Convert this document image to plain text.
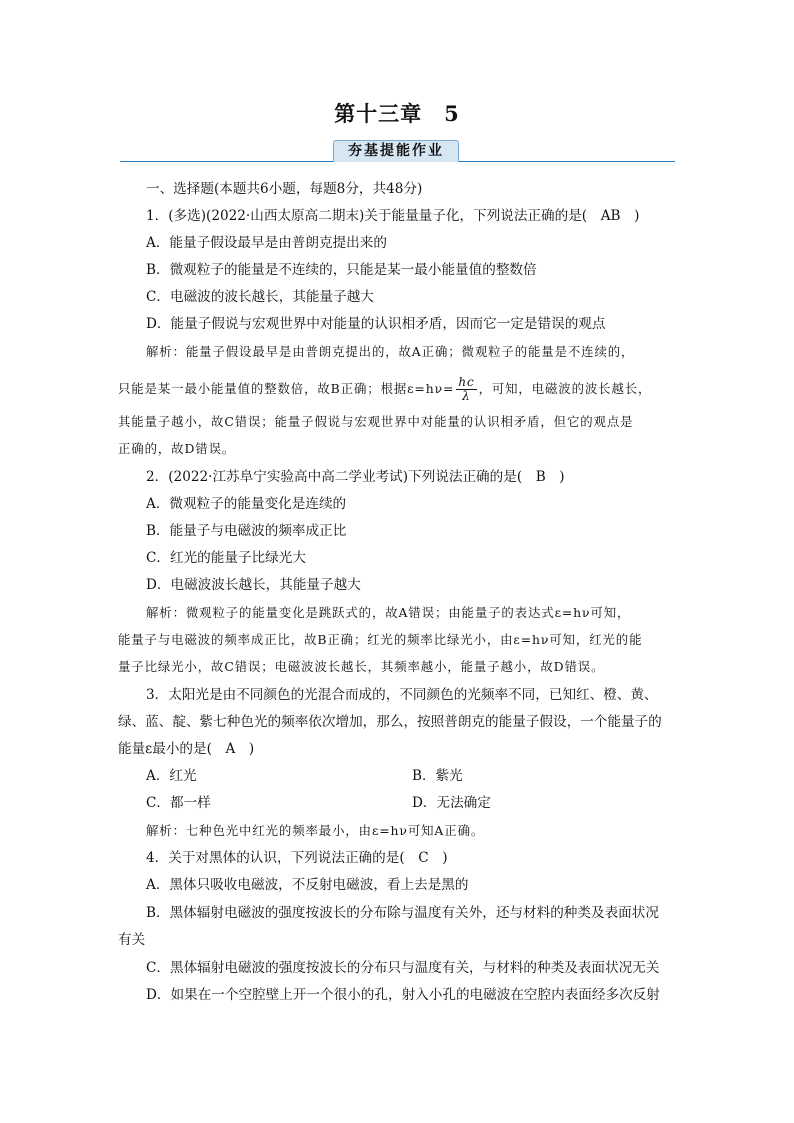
第十三章　5
夯基提能作业
一、选择题(本题共6小题，每题8分，共48分)
1．(多选)(2022·山西太原高二期末)关于能量量子化，下列说法正确的是(　AB　)
A．能量子假设最早是由普朗克提出来的
B．微观粒子的能量是不连续的，只能是某一最小能量值的整数倍
C．电磁波的波长越长，其能量子越大
D．能量子假说与宏观世界中对能量的认识相矛盾，因而它一定是错误的观点
解析：能量子假设最早是由普朗克提出的，故A正确；微观粒子的能量是不连续的，
只能是某一最小能量值的整数倍，故B正确；根据$\varepsilon=h\nu= \frac{hc}{\lambda}$ ，可知，电磁波的波长越长，
其能量子越小，故C错误；能量子假说与宏观世界中对能量的认识相矛盾，但它的观点是
正确的，故D错误。
2．(2022·江苏阜宁实验高中高二学业考试)下列说法正确的是(　B　)
A．微观粒子的能量变化是连续的
B．能量子与电磁波的频率成正比
C．红光的能量子比绿光大
D．电磁波波长越长，其能量子越大
解析：微观粒子的能量变化是跳跃式的，故A错误；由能量子的表达式ε=hν可知，
能量子与电磁波的频率成正比，故B正确；红光的频率比绿光小，由ε=hν可知，红光的能
量子比绿光小，故C错误；电磁波波长越长，其频率越小，能量子越小，故D错误。
3．太阳光是由不同颜色的光混合而成的，不同颜色的光频率不同，已知红、橙、黄、
绿、蓝、靛、紫七种色光的频率依次增加，那么，按照普朗克的能量子假设，一个能量子的
能量ε最小的是(　A　)
A．红光	B．紫光
C．都一样	D．无法确定
解析：七种色光中红光的频率最小，由ε=hν可知A正确。
4．关于对黑体的认识，下列说法正确的是(　C　)
A．黑体只吸收电磁波，不反射电磁波，看上去是黑的
B．黑体辐射电磁波的强度按波长的分布除与温度有关外，还与材料的种类及表面状况
有关
C．黑体辐射电磁波的强度按波长的分布只与温度有关，与材料的种类及表面状况无关
D．如果在一个空腔壁上开一个很小的孔，射入小孔的电磁波在空腔内表面经多次反射
